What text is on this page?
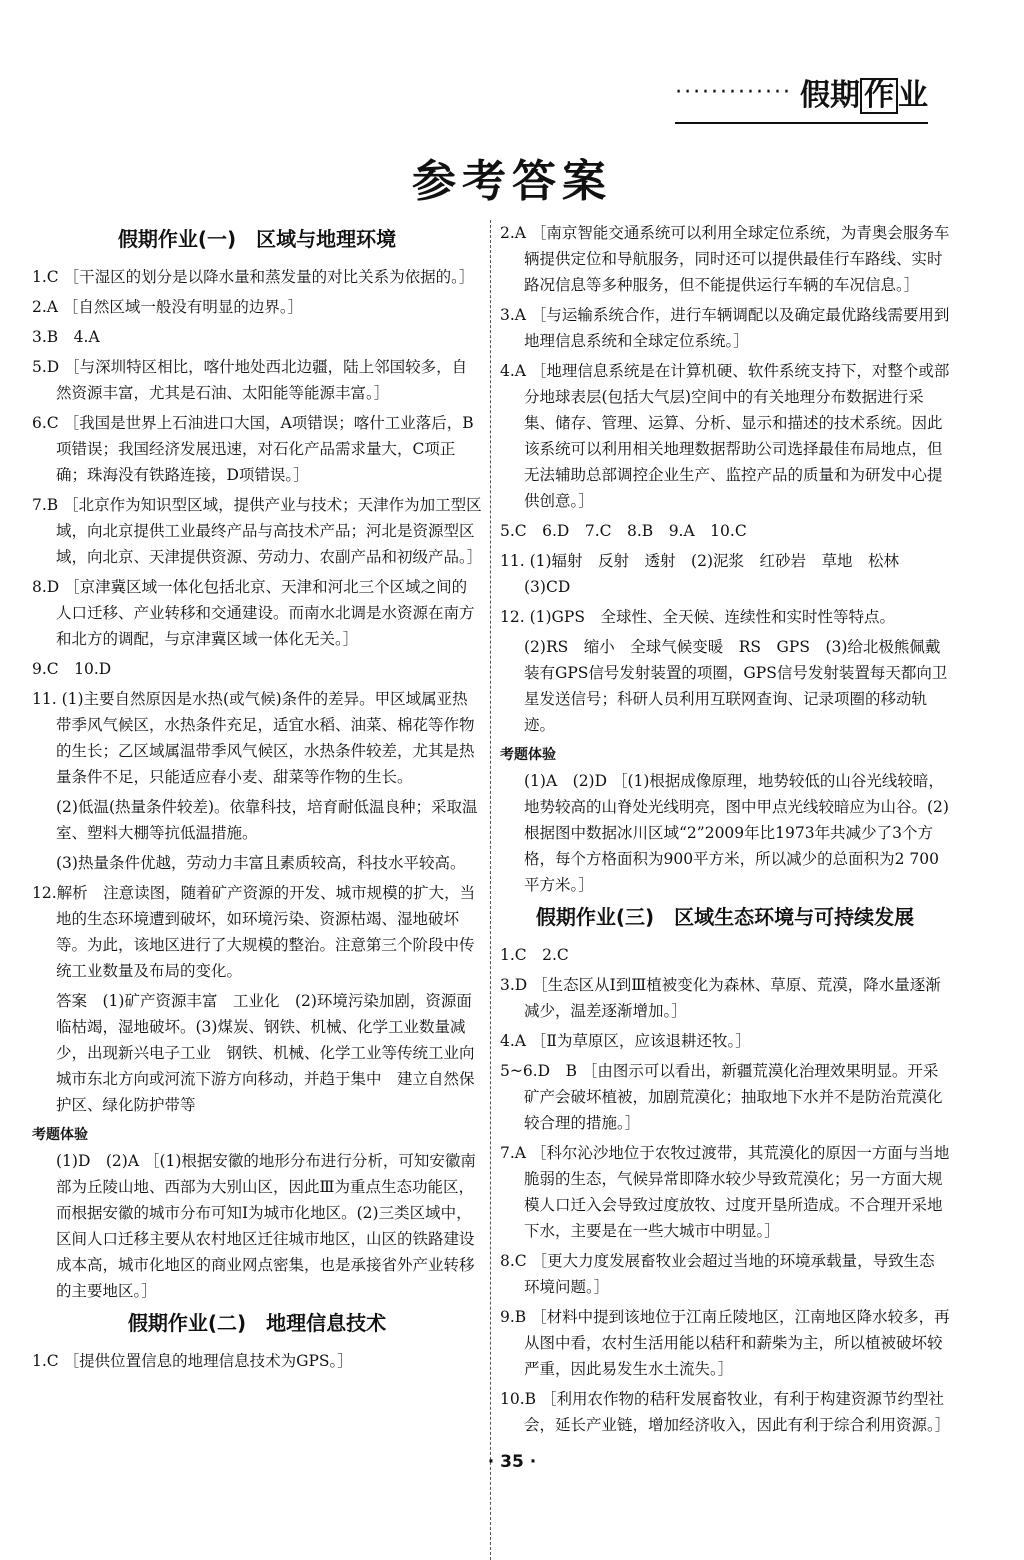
············· 假期 作 业
参考答案
假期作业(一)　区域与地理环境

1.C ［干湿区的划分是以降水量和蒸发量的对比关系为依据的。］

2.A ［自然区域一般没有明显的边界。］

3.B　4.A

5.D ［与深圳特区相比，喀什地处西北边疆，陆上邻国较多，自然资源丰富，尤其是石油、太阳能等能源丰富。］

6.C ［我国是世界上石油进口大国，A项错误；喀什工业落后，B项错误；我国经济发展迅速，对石化产品需求量大，C项正确；珠海没有铁路连接，D项错误。］

7.B ［北京作为知识型区域，提供产业与技术；天津作为加工型区域，向北京提供工业最终产品与高技术产品；河北是资源型区域，向北京、天津提供资源、劳动力、农副产品和初级产品。］

8.D ［京津冀区域一体化包括北京、天津和河北三个区域之间的人口迁移、产业转移和交通建设。而南水北调是水资源在南方和北方的调配，与京津冀区域一体化无关。］

9.C　10.D

11. (1)主要自然原因是水热(或气候)条件的差异。甲区域属亚热带季风气候区，水热条件充足，适宜水稻、油菜、棉花等作物的生长；乙区域属温带季风气候区，水热条件较差，尤其是热量条件不足，只能适应春小麦、甜菜等作物的生长。

(2)低温(热量条件较差)。依靠科技，培育耐低温良种；采取温室、塑料大棚等抗低温措施。

(3)热量条件优越，劳动力丰富且素质较高，科技水平较高。

12.解析　注意读图，随着矿产资源的开发、城市规模的扩大，当地的生态环境遭到破坏，如环境污染、资源枯竭、湿地破坏等。为此，该地区进行了大规模的整治。注意第三个阶段中传统工业数量及布局的变化。

答案　(1)矿产资源丰富　工业化　(2)环境污染加剧，资源面临枯竭，湿地破坏。(3)煤炭、钢铁、机械、化学工业数量减少，出现新兴电子工业　钢铁、机械、化学工业等传统工业向城市东北方向或河流下游方向移动，并趋于集中　建立自然保护区、绿化防护带等

考题体验

(1)D　(2)A ［(1)根据安徽的地形分布进行分析，可知安徽南部为丘陵山地、西部为大别山区，因此Ⅲ为重点生态功能区，而根据安徽的城市分布可知Ⅰ为城市化地区。(2)三类区域中，区间人口迁移主要从农村地区迁往城市地区，山区的铁路建设成本高，城市化地区的商业网点密集，也是承接省外产业转移的主要地区。］

假期作业(二)　地理信息技术

1.C ［提供位置信息的地理信息技术为GPS。］

2.A ［南京智能交通系统可以利用全球定位系统，为青奥会服务车辆提供定位和导航服务，同时还可以提供最佳行车路线、实时路况信息等多种服务，但不能提供运行车辆的车况信息。］

3.A ［与运输系统合作，进行车辆调配以及确定最优路线需要用到地理信息系统和全球定位系统。］

4.A ［地理信息系统是在计算机硬、软件系统支持下，对整个或部分地球表层(包括大气层)空间中的有关地理分布数据进行采集、储存、管理、运算、分析、显示和描述的技术系统。因此该系统可以利用相关地理数据帮助公司选择最佳布局地点，但无法辅助总部调控企业生产、监控产品的质量和为研发中心提供创意。］

5.C　6.D　7.C　8.B　9.A　10.C

11. (1)辐射　反射　透射　(2)泥浆　红砂岩　草地　松林　(3)CD

12. (1)GPS　全球性、全天候、连续性和实时性等特点。

(2)RS　缩小　全球气候变暖　RS　GPS　(3)给北极熊佩戴装有GPS信号发射装置的项圈，GPS信号发射装置每天都向卫星发送信号；科研人员利用互联网查询、记录项圈的移动轨迹。

考题体验

(1)A　(2)D ［(1)根据成像原理，地势较低的山谷光线较暗，地势较高的山脊处光线明亮，图中甲点光线较暗应为山谷。(2)根据图中数据冰川区域“2”2009年比1973年共减少了3个方格，每个方格面积为900平方米，所以减少的总面积为2 700平方米。］

假期作业(三)　区域生态环境与可持续发展

1.C　2.C

3.D ［生态区从Ⅰ到Ⅲ植被变化为森林、草原、荒漠，降水量逐渐减少，温差逐渐增加。］

4.A ［Ⅱ为草原区，应该退耕还牧。］

5~6.D　B ［由图示可以看出，新疆荒漠化治理效果明显。开采矿产会破坏植被，加剧荒漠化；抽取地下水并不是防治荒漠化较合理的措施。］

7.A ［科尔沁沙地位于农牧过渡带，其荒漠化的原因一方面与当地脆弱的生态，气候异常即降水较少导致荒漠化；另一方面大规模人口迁入会导致过度放牧、过度开垦所造成。不合理开采地下水，主要是在一些大城市中明显。］

8.C ［更大力度发展畜牧业会超过当地的环境承载量，导致生态环境问题。］

9.B ［材料中提到该地位于江南丘陵地区，江南地区降水较多，再从图中看，农村生活用能以秸秆和薪柴为主，所以植被破坏较严重，因此易发生水土流失。］

10.B ［利用农作物的秸秆发展畜牧业，有利于构建资源节约型社会，延长产业链，增加经济收入，因此有利于综合利用资源。］

· 35 ·
